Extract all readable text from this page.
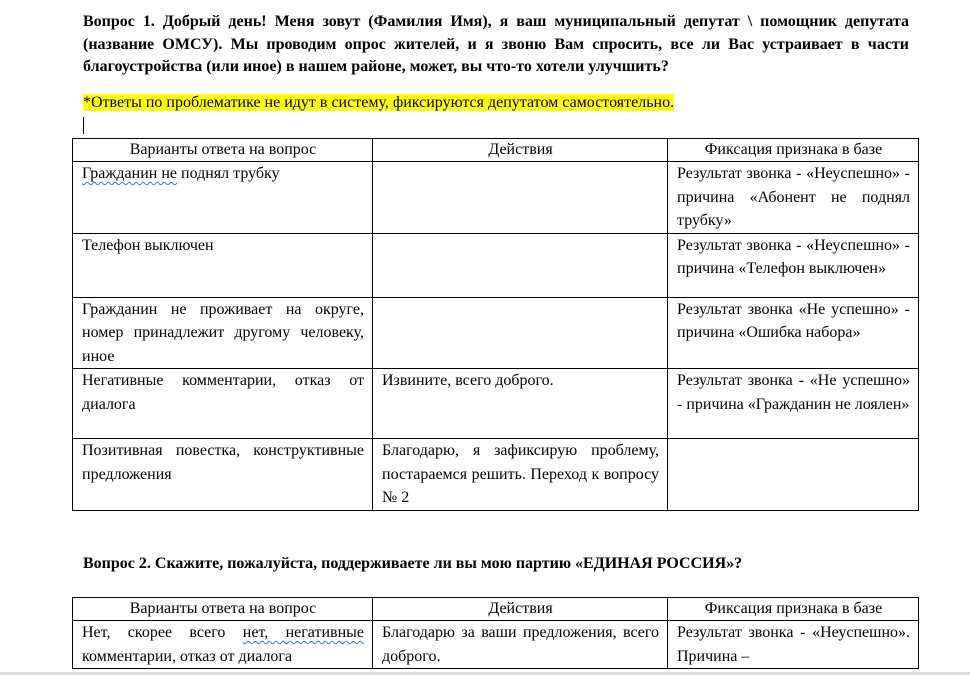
Вопрос 1. Добрый день! Меня зовут (Фамилия Имя), я ваш муниципальный депутат \ помощник депутата (название ОМСУ). Мы проводим опрос жителей, и я звоню Вам спросить, все ли Вас устраивает в части благоустройства (или иное) в нашем районе, может, вы что-то хотели улучшить?
*Ответы по проблематике не идут в систему, фиксируются депутатом самостоятельно.
Варианты ответа на вопрос	Действия	Фиксация признака в базе
Гражданин не поднял трубку		Результат звонка - «Неуспешно» - причина «Абонент не поднял трубку»
Телефон выключен		Результат звонка - «Неуспешно» - причина «Телефон выключен»
Гражданин не проживает на округе, номер принадлежит другому человеку, иное		Результат звонка «Не успешно» - причина «Ошибка набора»
Негативные комментарии, отказ от диалога	Извините, всего доброго.	Результат звонка - «Не успешно» - причина «Гражданин не лоялен»
Позитивная повестка, конструктивные предложения	Благодарю, я зафиксирую проблему, постараемся решить. Переход к вопросу № 2	
Вопрос 2. Скажите, пожалуйста, поддерживаете ли вы мою партию «ЕДИНАЯ РОССИЯ»?
Варианты ответа на вопрос	Действия	Фиксация признака в базе
Нет, скорее всего нет, негативные комментарии, отказ от диалога	Благодарю за ваши предложения, всего доброго.	Результат звонка - «Неуспешно». Причина –
